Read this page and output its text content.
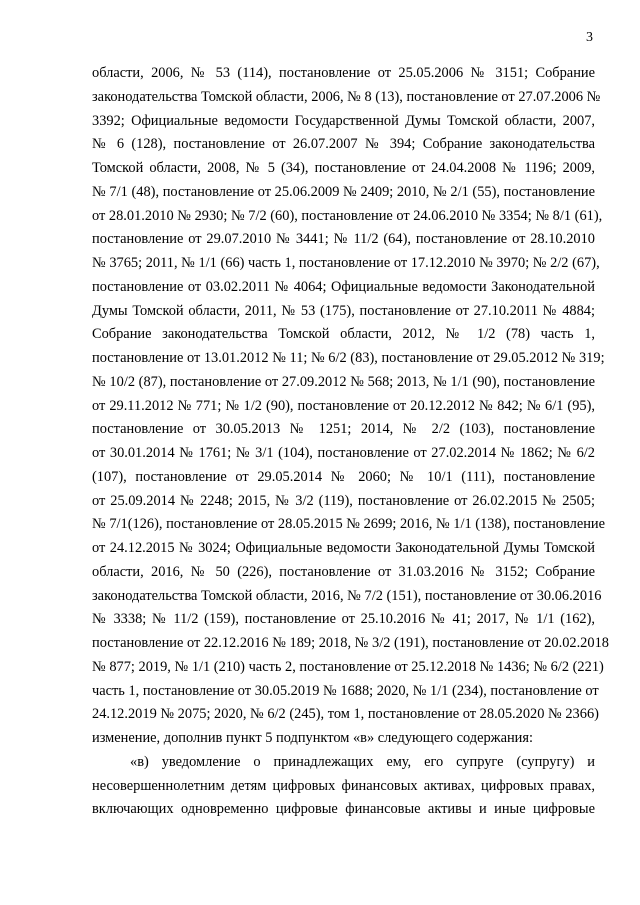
3
области, 2006, № 53 (114), постановление от 25.05.2006 № 3151; Собрание
законодательства Томской области, 2006, № 8 (13), постановление от 27.07.2006 №
3392; Официальные ведомости Государственной Думы Томской области, 2007,
№ 6 (128), постановление от 26.07.2007 № 394; Собрание законодательства
Томской области, 2008, № 5 (34), постановление от 24.04.2008 № 1196; 2009,
№ 7/1 (48), постановление от 25.06.2009 № 2409; 2010, № 2/1 (55), постановление
от 28.01.2010 № 2930; № 7/2 (60), постановление от 24.06.2010 № 3354; № 8/1 (61),
постановление от 29.07.2010 № 3441; № 11/2 (64), постановление от 28.10.2010
№ 3765; 2011, № 1/1 (66) часть 1, постановление от 17.12.2010 № 3970; № 2/2 (67),
постановление от 03.02.2011 № 4064; Официальные ведомости Законодательной
Думы Томской области, 2011, № 53 (175), постановление от 27.10.2011 № 4884;
Собрание законодательства Томской области, 2012, № 1/2 (78) часть 1,
постановление от 13.01.2012 № 11; № 6/2 (83), постановление от 29.05.2012 № 319;
№ 10/2 (87), постановление от 27.09.2012 № 568; 2013, № 1/1 (90), постановление
от 29.11.2012 № 771; № 1/2 (90), постановление от 20.12.2012 № 842; № 6/1 (95),
постановление от 30.05.2013 № 1251; 2014, № 2/2 (103), постановление
от 30.01.2014 № 1761; № 3/1 (104), постановление от 27.02.2014 № 1862; № 6/2
(107), постановление от 29.05.2014 № 2060; № 10/1 (111), постановление
от 25.09.2014 № 2248; 2015, № 3/2 (119), постановление от 26.02.2015 № 2505;
№ 7/1(126), постановление от 28.05.2015 № 2699; 2016, № 1/1 (138), постановление
от 24.12.2015 № 3024; Официальные ведомости Законодательной Думы Томской
области, 2016, № 50 (226), постановление от 31.03.2016 № 3152; Собрание
законодательства Томской области, 2016, № 7/2 (151), постановление от 30.06.2016
№ 3338; № 11/2 (159), постановление от 25.10.2016 № 41; 2017, № 1/1 (162),
постановление от 22.12.2016 № 189; 2018, № 3/2 (191), постановление от 20.02.2018
№ 877; 2019, № 1/1 (210) часть 2, постановление от 25.12.2018 № 1436; № 6/2 (221)
часть 1, постановление от 30.05.2019 № 1688; 2020, № 1/1 (234), постановление от
24.12.2019 № 2075; 2020, № 6/2 (245), том 1, постановление от 28.05.2020 № 2366)
изменение, дополнив пункт 5 подпунктом «в» следующего содержания:
«в) уведомление о принадлежащих ему, его супруге (супругу) и
несовершеннолетним детям цифровых финансовых активах, цифровых правах,
включающих одновременно цифровые финансовые активы и иные цифровые
